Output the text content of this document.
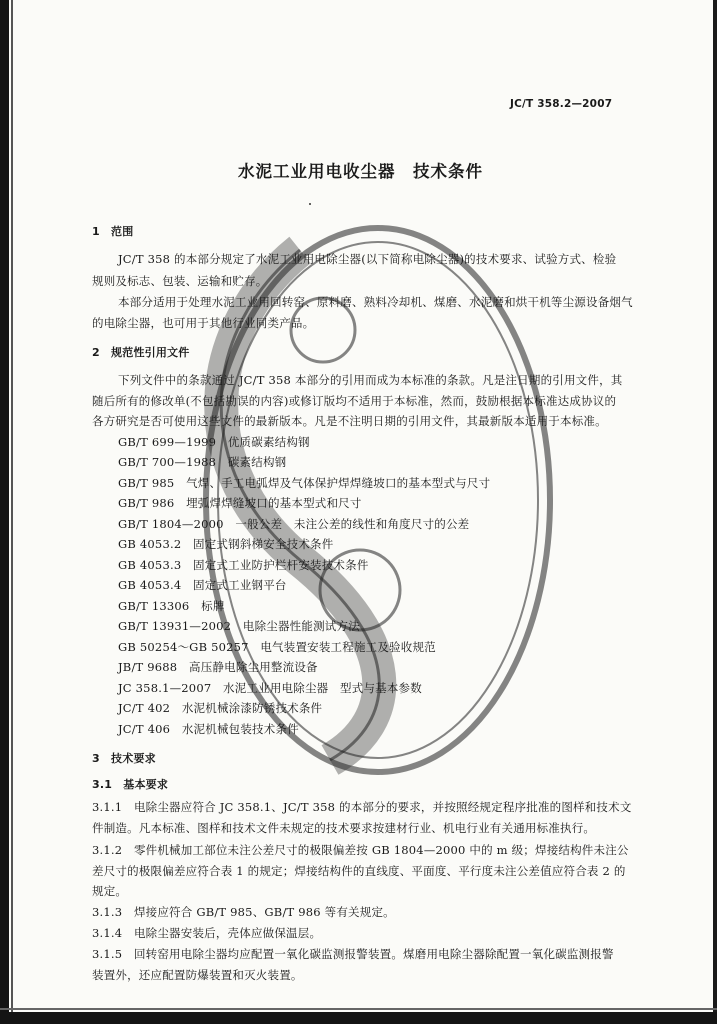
JC/T 358.2—2007
水泥工业用电收尘器　技术条件
1　范围
JC/T 358 的本部分规定了水泥工业用电除尘器(以下简称电除尘器)的技术要求、试验方式、检验
规则及标志、包装、运输和贮存。
本部分适用于处理水泥工业用回转窑、原料磨、熟料冷却机、煤磨、水泥磨和烘干机等尘源设备烟气
的电除尘器，也可用于其他行业同类产品。
2　规范性引用文件
下列文件中的条款通过 JC/T 358 本部分的引用而成为本标准的条款。凡是注日期的引用文件，其
随后所有的修改单(不包括勘误的内容)或修订版均不适用于本标准，然而，鼓励根据本标准达成协议的
各方研究是否可使用这些文件的最新版本。凡是不注明日期的引用文件，其最新版本适用于本标准。
GB/T 699—1999　优质碳素结构钢
GB/T 700—1988　碳素结构钢
GB/T 985　气焊、手工电弧焊及气体保护焊焊缝坡口的基本型式与尺寸
GB/T 986　埋弧焊焊缝坡口的基本型式和尺寸
GB/T 1804—2000　一般公差　未注公差的线性和角度尺寸的公差
GB 4053.2　固定式钢斜梯安全技术条件
GB 4053.3　固定式工业防护栏杆安装技术条件
GB 4053.4　固定式工业钢平台
GB/T 13306　标牌
GB/T 13931—2002　电除尘器性能测试方法
GB 50254～GB 50257　电气装置安装工程施工及验收规范
JB/T 9688　高压静电除尘用整流设备
JC 358.1—2007　水泥工业用电除尘器　型式与基本参数
JC/T 402　水泥机械涂漆防锈技术条件
JC/T 406　水泥机械包装技术条件
3　技术要求
3.1　基本要求
3.1.1　电除尘器应符合 JC 358.1、JC/T 358 的本部分的要求，并按照经规定程序批准的图样和技术文
件制造。凡本标准、图样和技术文件未规定的技术要求按建材行业、机电行业有关通用标准执行。
3.1.2　零件机械加工部位未注公差尺寸的极限偏差按 GB 1804—2000 中的 m 级；焊接结构件未注公
差尺寸的极限偏差应符合表 1 的规定；焊接结构件的直线度、平面度、平行度未注公差值应符合表 2 的
规定。
3.1.3　焊接应符合 GB/T 985、GB/T 986 等有关规定。
3.1.4　电除尘器安装后，壳体应做保温层。
3.1.5　回转窑用电除尘器均应配置一氧化碳监测报警装置。煤磨用电除尘器除配置一氧化碳监测报警
装置外，还应配置防爆装置和灭火装置。
